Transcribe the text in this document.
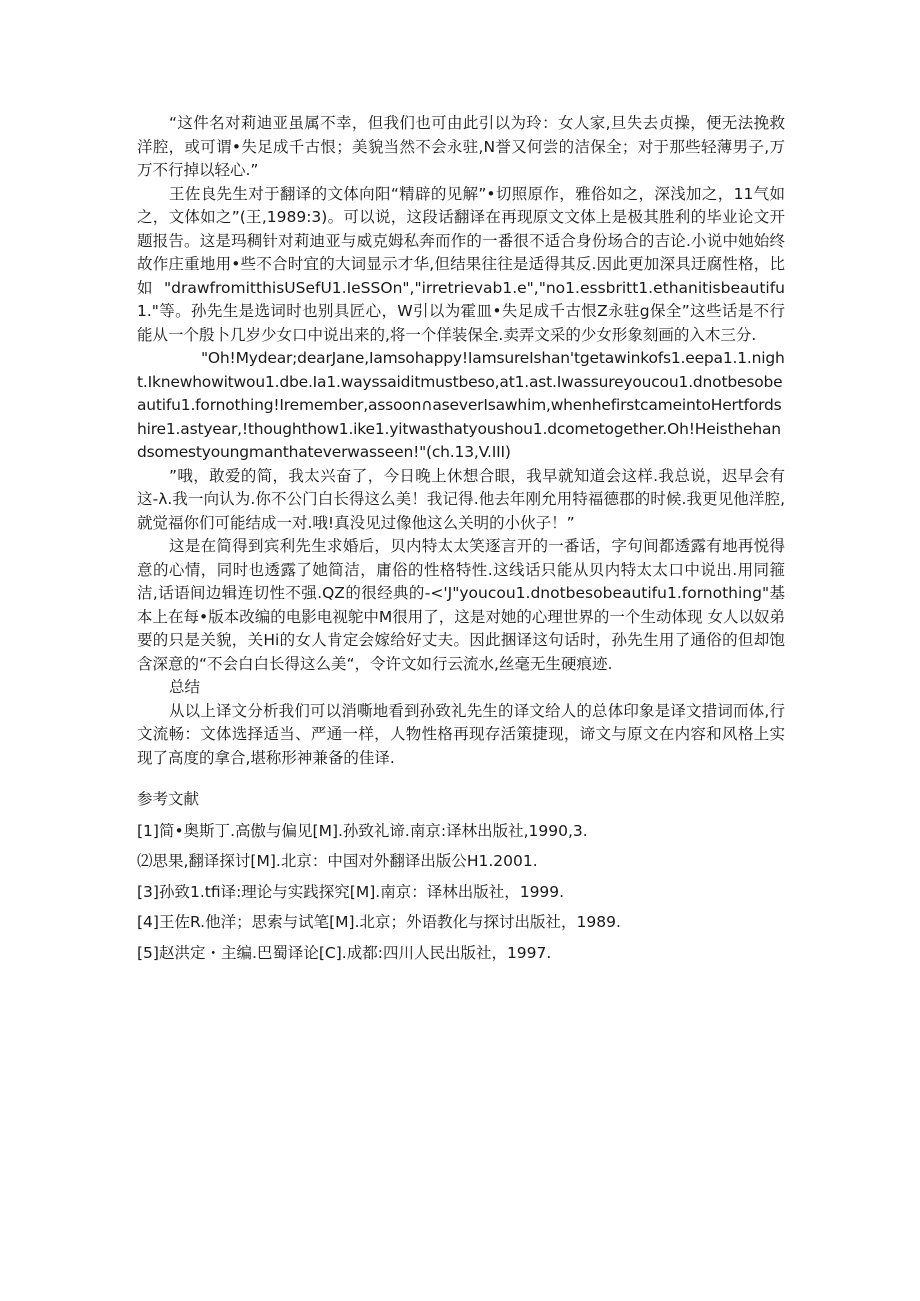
“这件名对莉迪亚虽属不幸，但我们也可由此引以为玲：女人家,旦失去贞操，便无法挽救洋腔，或可谓•失足成千古恨；美貌当然不会永驻,N誉又何尝的洁保全；对于那些轻薄男子,万万不行掉以轻心.”

王佐良先生对于翻译的文体向阳“精辟的见解”•切照原作，雅俗如之，深浅加之，11气如之，文体如之”(王,1989:3)。可以说，这段话翻译在再现原文文体上是极其胜利的毕业论文开题报告。这是玛稠针对莉迪亚与威克姆私奔而作的一番很不适合身份场合的吉论.小说中她始终故作庄重地用•些不合时宜的大词显示才华,但结果往往是适得其反.因此更加深具迂腐性格，比如"drawfromitthisUSefU1.IeSSOn","irretrievab1.e","no1.essbritt1.ethanitisbeautifu1."等。孙先生是选词时也别具匠心，W引以为霍皿•失足成千古恨Z永驻g保全”这些话是不行能从一个殷卜几岁少女口中说出来的,将一个佯装保全.卖弄文采的少女形象刻画的入木三分.

"Oh!Mydear;dearJane,Iamsohappy!IamsureIshan'tgetawinkofs1.eepa1.1.night.Iknewhowitwou1.dbe.Ia1.wayssaiditmustbeso,at1.ast.Iwassureyoucou1.dnotbesobeautifu1.fornothing!Iremember,assoon∩aseverIsawhim,whenhefirstcameintoHertfordshire1.astyear,!thoughthow1.ike1.yitwasthatyoushou1.dcometogether.Oh!Heisthehandsomestyoungmanthateverwasseen!"(ch.13,V.III)

”哦，敢爱的简，我太兴奋了，今日晚上休想合眼，我早就知道会这样.我总说，迟早会有这-λ.我一向认为.你不公门白长得这么美！我记得.他去年刚允用特福德郡的时候.我更见他洋腔,就觉福你们可能结成一对.哦!真没见过像他这么关明的小伙子！”

这是在简得到宾利先生求婚后，贝内特太太笑逐言开的一番话，字句间都透露有地再悦得意的心情，同时也透露了她简洁，庸俗的性格特性.这线话只能从贝内特太太口中说出.用同箍洁,话语间边辑连切性不强.QZ的很经典的-<'J"youcou1.dnotbesobeautifu1.fornothing"基本上在每•版本改编的电影电视鸵中M很用了，这是对她的心理世界的一个生动体现 女人以奴弟要的只是关貌，关Hi的女人肯定会嫁给好丈夫。因此捆译这句话时，孙先生用了通俗的但却饱含深意的“不会白白长得这么美“，令许文如行云流水,丝毫无生硬痕迹.

总结

从以上译文分析我们可以消嘶地看到孙致礼先生的译文给人的总体印象是译文措词而体,行文流畅：文体选择适当、严通一样，人物性格再现存活策捷现，谛文与原文在内容和风格上实现了高度的拿合,堪称形神兼备的佳译.

参考文献

[1]简•奥斯丁.高傲与偏见[M].孙致礼谛.南京:译林出版社,1990,3.

⑵思果,翻译探讨[M].北京：中国对外翻译出版公H1.2001.

[3]孙致1.tfi译:理论与实践探究[M].南京：译林出版社，1999.

[4]王佐R.他洋；思索与试笔[M].北京；外语教化与探讨出版社，1989.

[5]赵洪定・主编.巴蜀译论[C].成都:四川人民出版社，1997.
